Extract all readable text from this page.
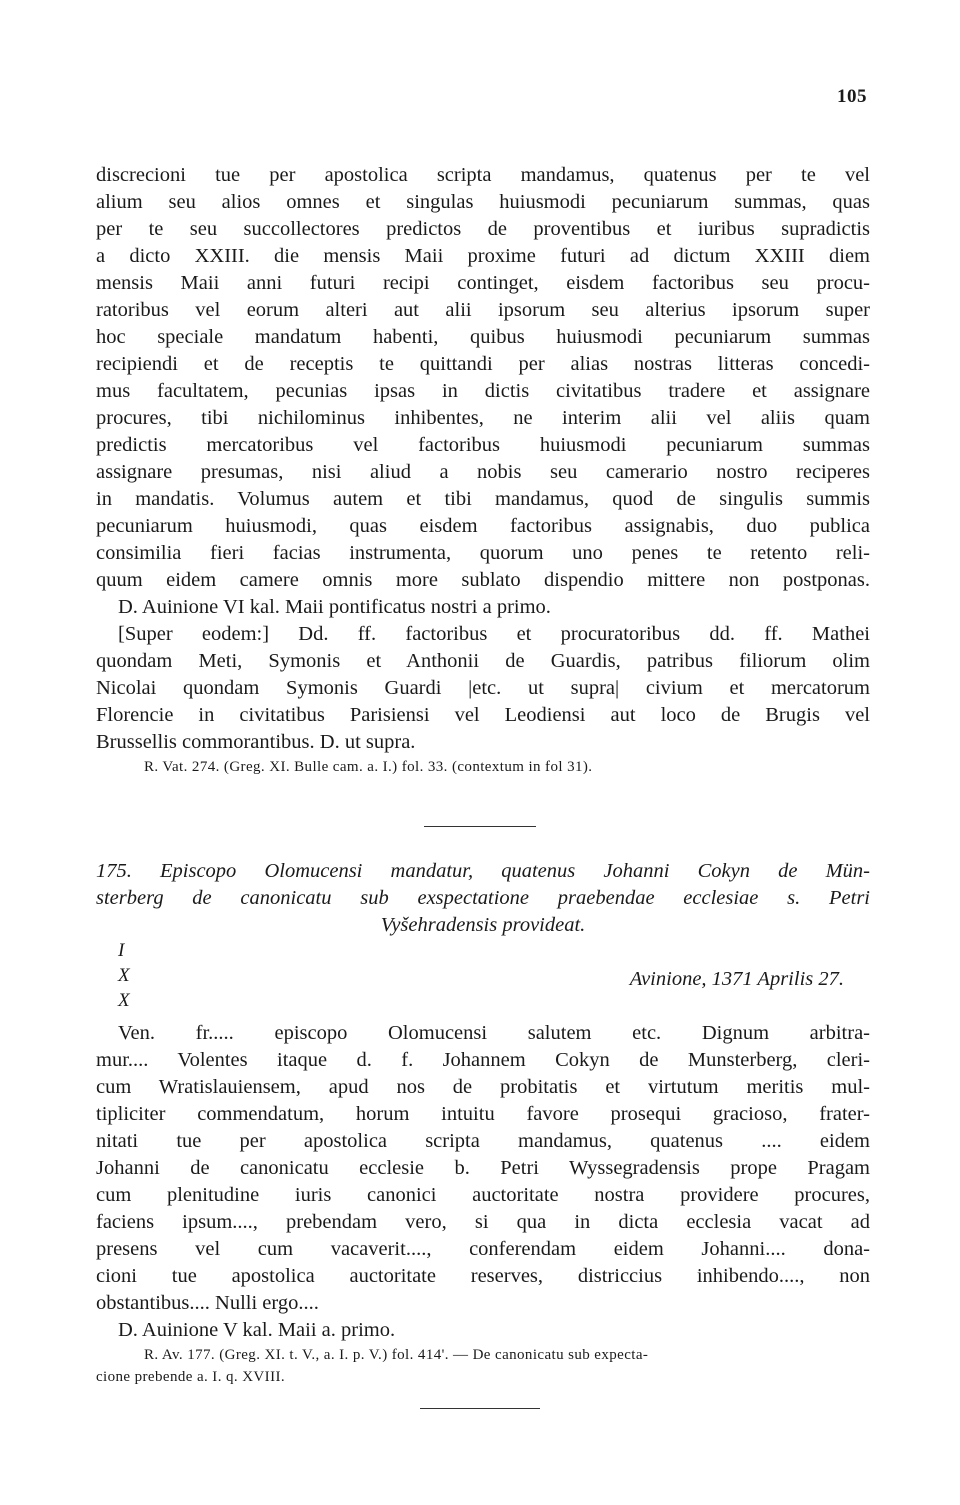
105
discrecioni tue per apostolica scripta mandamus, quatenus per te vel
alium seu alios omnes et singulas huiusmodi pecuniarum summas, quas
per te seu succollectores predictos de proventibus et iuribus supradictis
a dicto XXIII. die mensis Maii proxime futuri ad dictum XXIII diem
mensis Maii anni futuri recipi continget, eisdem factoribus seu procu-
ratoribus vel eorum alteri aut alii ipsorum seu alterius ipsorum super
hoc speciale mandatum habenti, quibus huiusmodi pecuniarum summas
recipiendi et de receptis te quittandi per alias nostras litteras concedi-
mus facultatem, pecunias ipsas in dictis civitatibus tradere et assignare
procures, tibi nichilominus inhibentes, ne interim alii vel aliis quam
predictis mercatoribus vel factoribus huiusmodi pecuniarum summas
assignare presumas, nisi aliud a nobis seu camerario nostro reciperes
in mandatis. Volumus autem et tibi mandamus, quod de singulis summis
pecuniarum huiusmodi, quas eisdem factoribus assignabis, duo publica
consimilia fieri facias instrumenta, quorum uno penes te retento reli-
quum eidem camere omnis more sublato dispendio mittere non postponas.
D. Auinione VI kal. Maii pontificatus nostri a primo.
[Super eodem:] Dd. ff. factoribus et procuratoribus dd. ff. Mathei
quondam Meti, Symonis et Anthonii de Guardis, patribus filiorum olim
Nicolai quondam Symonis Guardi |etc. ut supra| civium et mercatorum
Florencie in civitatibus Parisiensi vel Leodiensi aut loco de Brugis vel
Brussellis commorantibus. D. ut supra.
R. Vat. 274. (Greg. XI. Bulle cam. a. I.) fol. 33. (contextum in fol 31).
175. Episcopo Olomucensi mandatur, quatenus Johanni Cokyn de Mün-
sterberg de canonicatu sub exspectatione praebendae ecclesiae s. Petri
Vyšehradensis provideat.
I
X
X
Avinione, 1371 Aprilis 27.
Ven. fr..... episcopo Olomucensi salutem etc. Dignum arbitra-
mur.... Volentes itaque d. f. Johannem Cokyn de Munsterberg, cleri-
cum Wratislauiensem, apud nos de probitatis et virtutum meritis mul-
tipliciter commendatum, horum intuitu favore prosequi gracioso, frater-
nitati tue per apostolica scripta mandamus, quatenus .... eidem
Johanni de canonicatu ecclesie b. Petri Wyssegradensis prope Pragam
cum plenitudine iuris canonici auctoritate nostra providere procures,
faciens ipsum...., prebendam vero, si qua in dicta ecclesia vacat ad
presens vel cum vacaverit...., conferendam eidem Johanni.... dona-
cioni tue apostolica auctoritate reserves, districcius inhibendo...., non
obstantibus.... Nulli ergo....
D. Auinione V kal. Maii a. primo.
R. Av. 177. (Greg. XI. t. V., a. I. p. V.) fol. 414'. — De canonicatu sub expecta-
cione prebende a. I. q. XVIII.
